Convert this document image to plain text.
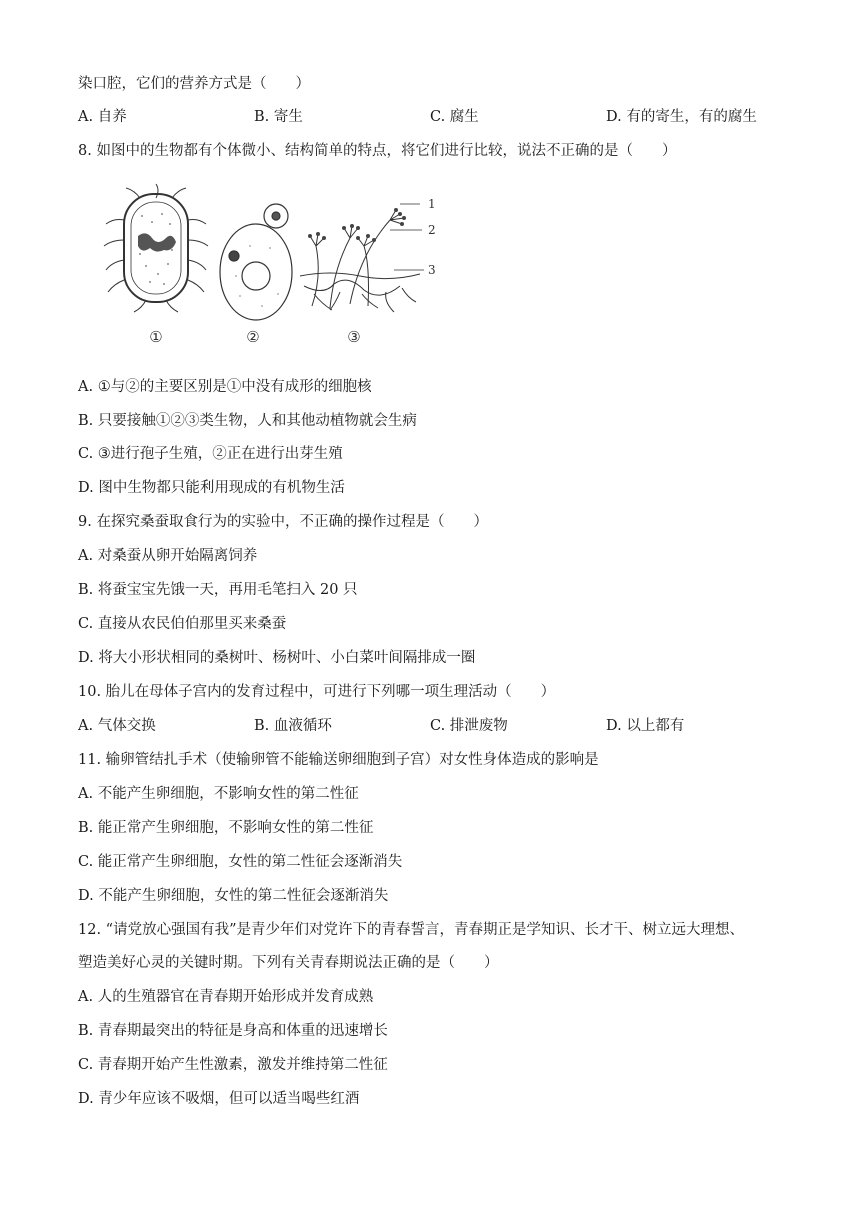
染口腔，它们的营养方式是（　　）
A. 自养	B. 寄生	C. 腐生	D. 有的寄生，有的腐生
8. 如图中的生物都有个体微小、结构简单的特点，将它们进行比较，说法不正确的是（　　）
①	②
1
2
3
③
A. ①与②的主要区别是①中没有成形的细胞核
B. 只要接触①②③类生物，人和其他动植物就会生病
C. ③进行孢子生殖，②正在进行出芽生殖
D. 图中生物都只能利用现成的有机物生活
9. 在探究桑蚕取食行为的实验中，不正确的操作过程是（　　）
A. 对桑蚕从卵开始隔离饲养
B. 将蚕宝宝先饿一天，再用毛笔扫入 20 只
C. 直接从农民伯伯那里买来桑蚕
D. 将大小形状相同的桑树叶、杨树叶、小白菜叶间隔排成一圈
10. 胎儿在母体子宫内的发育过程中，可进行下列哪一项生理活动（　　）
A. 气体交换	B. 血液循环	C. 排泄废物	D. 以上都有
11. 输卵管结扎手术（使输卵管不能输送卵细胞到子宫）对女性身体造成的影响是
A. 不能产生卵细胞，不影响女性的第二性征
B. 能正常产生卵细胞，不影响女性的第二性征
C. 能正常产生卵细胞，女性的第二性征会逐渐消失
D. 不能产生卵细胞，女性的第二性征会逐渐消失
12. “请党放心强国有我”是青少年们对党许下的青春誓言，青春期正是学知识、长才干、树立远大理想、
塑造美好心灵的关键时期。下列有关青春期说法正确的是（　　）
A. 人的生殖器官在青春期开始形成并发育成熟
B. 青春期最突出的特征是身高和体重的迅速增长
C. 青春期开始产生性激素，激发并维持第二性征
D. 青少年应该不吸烟，但可以适当喝些红酒
